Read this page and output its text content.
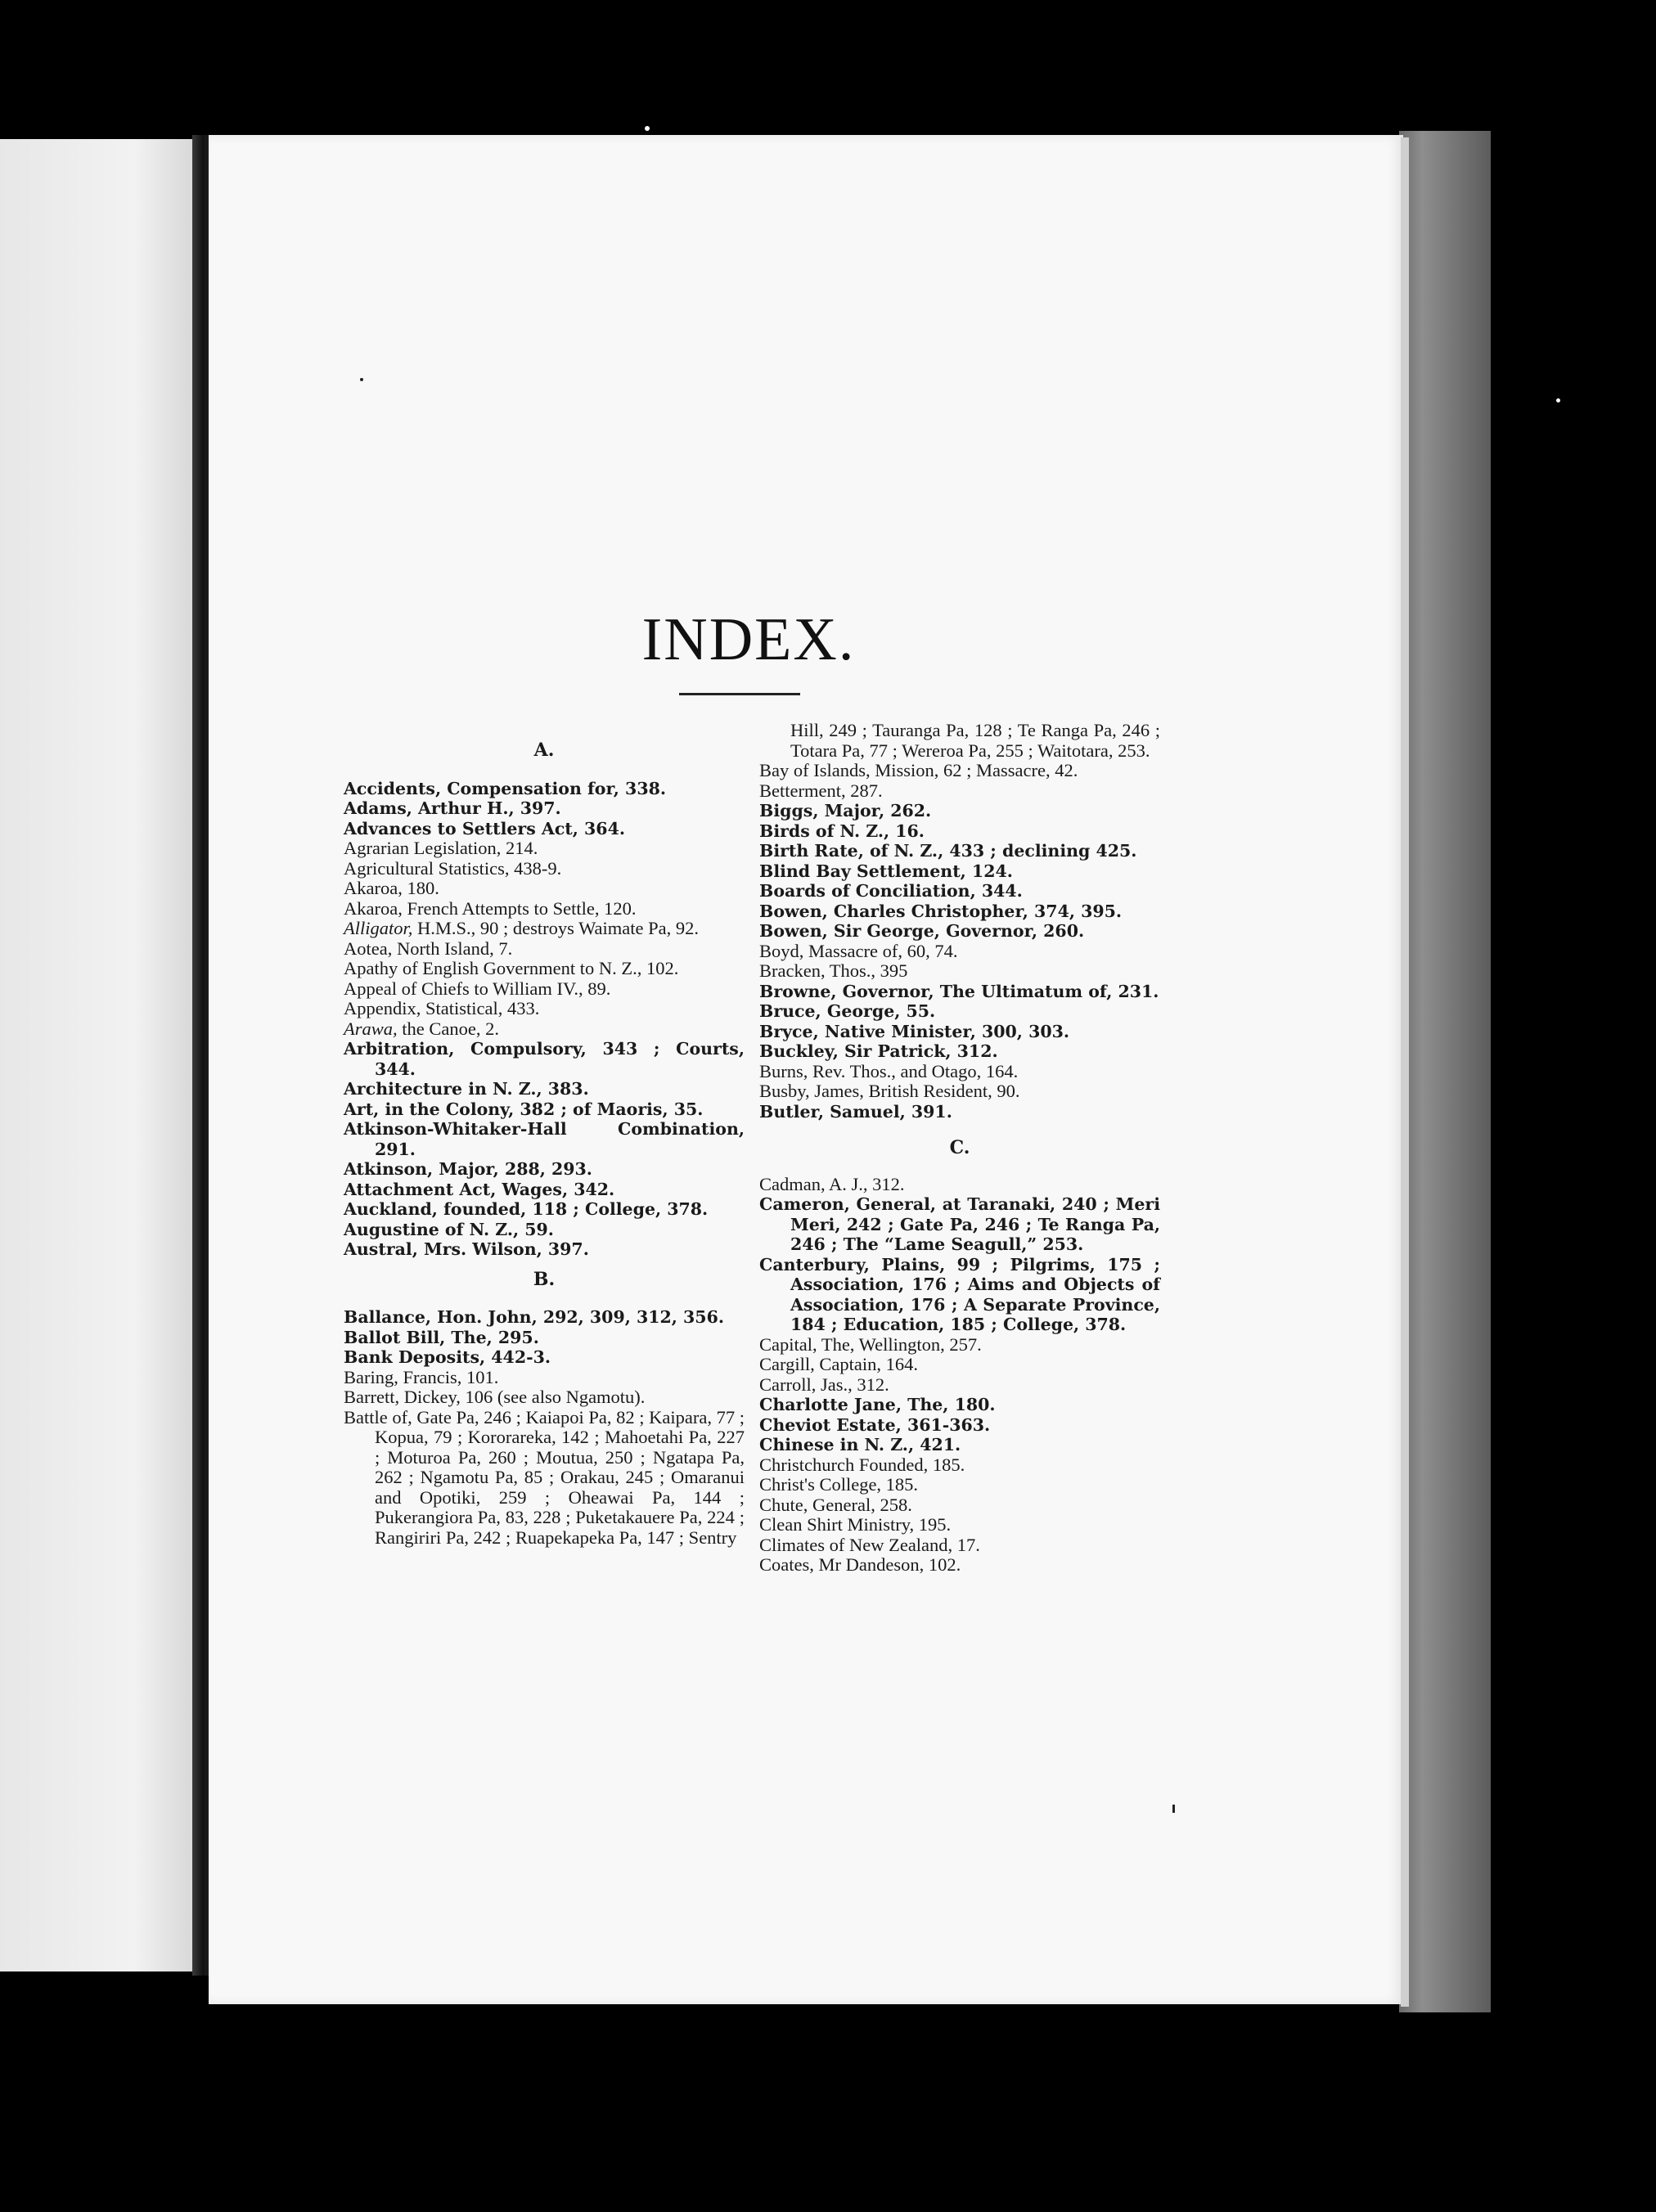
INDEX.
A.
Accidents, Compensation for, 338.
Adams, Arthur H., 397.
Advances to Settlers Act, 364.
Agrarian Legislation, 214.
Agricultural Statistics, 438-9.
Akaroa, 180.
Akaroa, French Attempts to Settle, 120.
Alligator, H.M.S., 90 ; destroys Waimate Pa, 92.
Aotea, North Island, 7.
Apathy of English Government to N. Z., 102.
Appeal of Chiefs to William IV., 89.
Appendix, Statistical, 433.
Arawa, the Canoe, 2.
Arbitration, Compulsory, 343 ; Courts, 344.
Architecture in N. Z., 383.
Art, in the Colony, 382 ; of Maoris, 35.
Atkinson-Whitaker-Hall Combination, 291.
Atkinson, Major, 288, 293.
Attachment Act, Wages, 342.
Auckland, founded, 118 ; College, 378.
Augustine of N. Z., 59.
Austral, Mrs. Wilson, 397.
B.
Ballance, Hon. John, 292, 309, 312, 356.
Ballot Bill, The, 295.
Bank Deposits, 442-3.
Baring, Francis, 101.
Barrett, Dickey, 106 (see also Ngamotu).
Battle of, Gate Pa, 246 ; Kaiapoi Pa, 82 ; Kaipara, 77 ; Kopua, 79 ; Kororareka, 142 ; Mahoetahi Pa, 227 ; Moturoa Pa, 260 ; Moutua, 250 ; Ngatapa Pa, 262 ; Ngamotu Pa, 85 ; Orakau, 245 ; Omaranui and Opotiki, 259 ; Oheawai Pa, 144 ; Pukerangiora Pa, 83, 228 ; Puketakauere Pa, 224 ; Rangiriri Pa, 242 ; Ruapekapeka Pa, 147 ; Sentry
Hill, 249 ; Tauranga Pa, 128 ; Te Ranga Pa, 246 ; Totara Pa, 77 ; Wereroa Pa, 255 ; Waitotara, 253.
Bay of Islands, Mission, 62 ; Massacre, 42.
Betterment, 287.
Biggs, Major, 262.
Birds of N. Z., 16.
Birth Rate, of N. Z., 433 ; declining 425.
Blind Bay Settlement, 124.
Boards of Conciliation, 344.
Bowen, Charles Christopher, 374, 395.
Bowen, Sir George, Governor, 260.
Boyd, Massacre of, 60, 74.
Bracken, Thos., 395
Browne, Governor, The Ultimatum of, 231.
Bruce, George, 55.
Bryce, Native Minister, 300, 303.
Buckley, Sir Patrick, 312.
Burns, Rev. Thos., and Otago, 164.
Busby, James, British Resident, 90.
Butler, Samuel, 391.
C.
Cadman, A. J., 312.
Cameron, General, at Taranaki, 240 ; Meri Meri, 242 ; Gate Pa, 246 ; Te Ranga Pa, 246 ; The “Lame Seagull,” 253.
Canterbury, Plains, 99 ; Pilgrims, 175 ; Association, 176 ; Aims and Objects of Association, 176 ; A Separate Province, 184 ; Education, 185 ; College, 378.
Capital, The, Wellington, 257.
Cargill, Captain, 164.
Carroll, Jas., 312.
Charlotte Jane, The, 180.
Cheviot Estate, 361-363.
Chinese in N. Z., 421.
Christchurch Founded, 185.
Christ's College, 185.
Chute, General, 258.
Clean Shirt Ministry, 195.
Climates of New Zealand, 17.
Coates, Mr Dandeson, 102.
